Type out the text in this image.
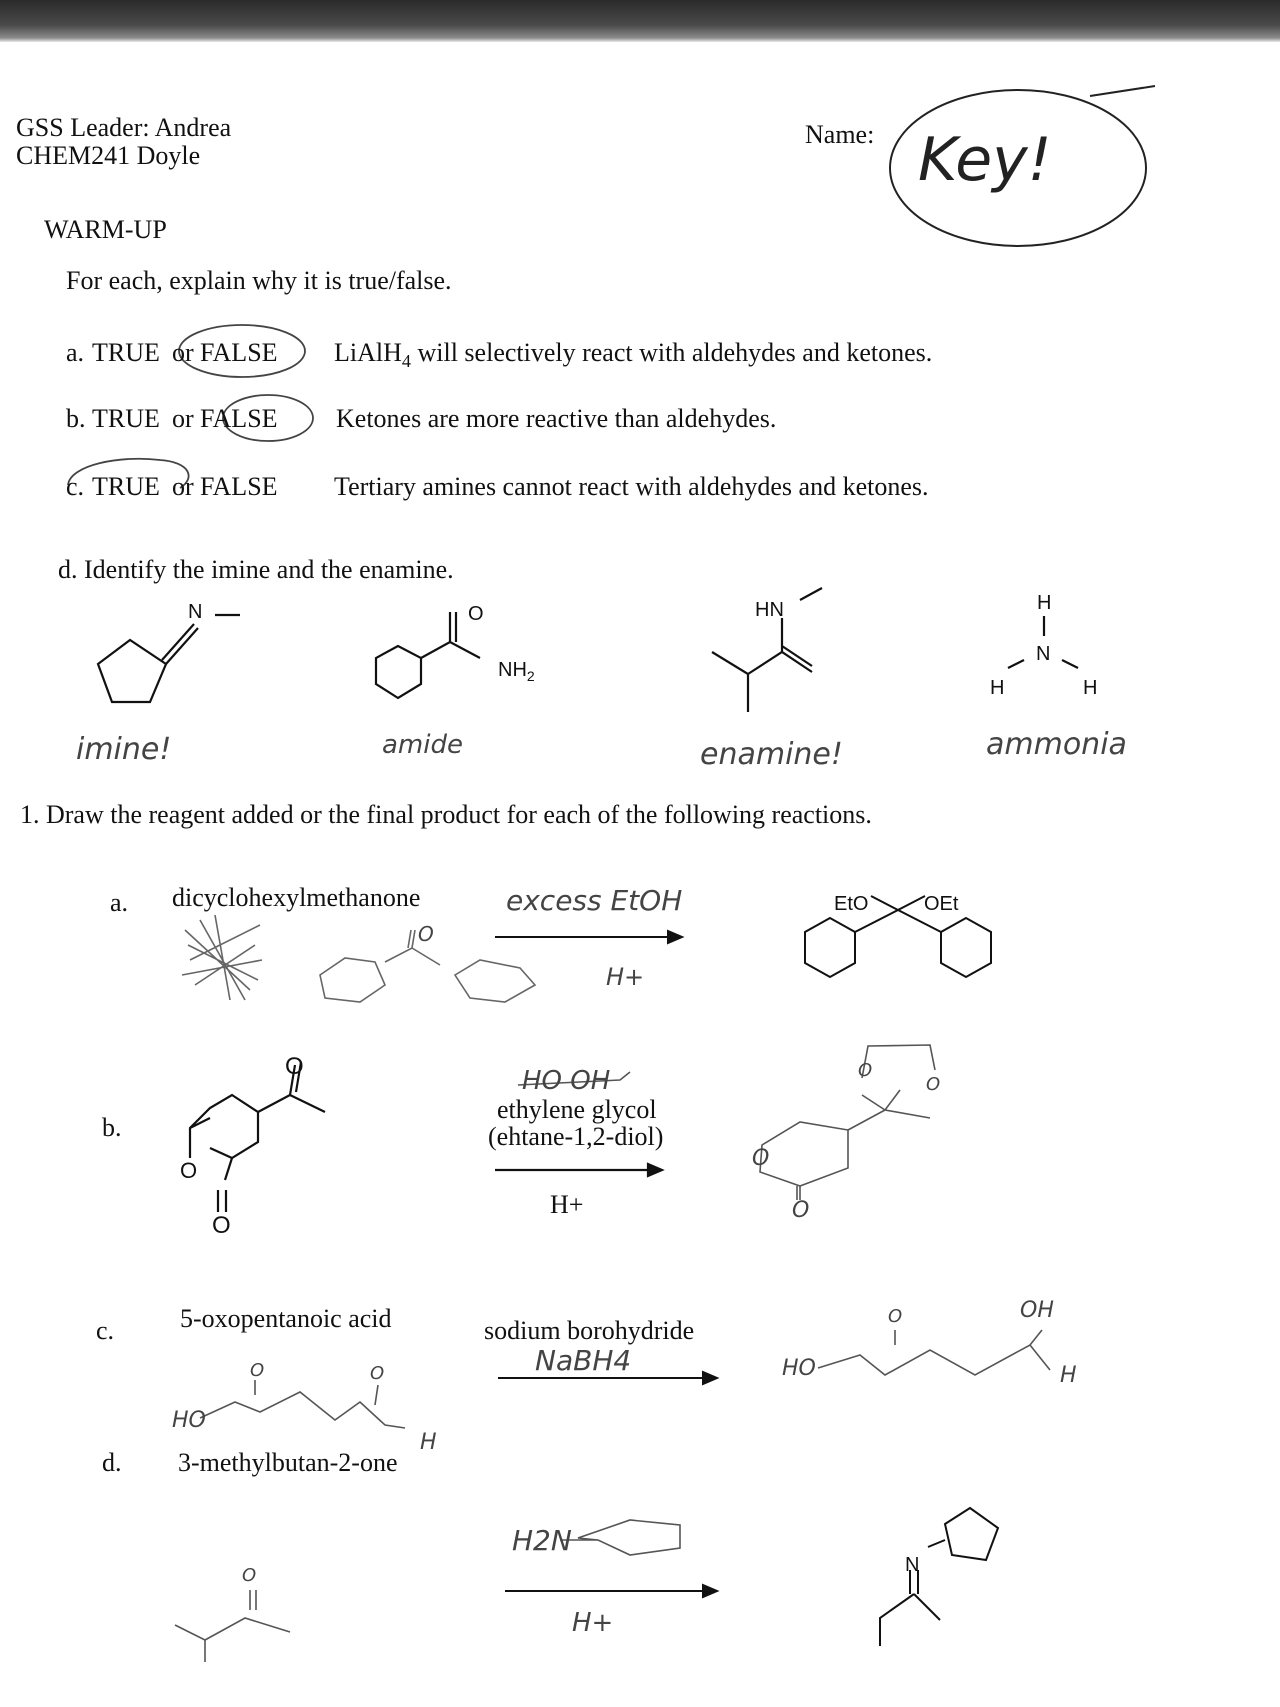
GSS Leader: Andrea
CHEM241 Doyle
Name: Key!
WARM-UP
For each, explain why it is true/false.
a. TRUE or FALSE LiAlH$_4$ will selectively react with aldehydes and ketones.
b. TRUE or FALSE Ketones are more reactive than aldehydes.
c. TRUE or FALSE Tertiary amines cannot react with aldehydes and ketones.
d. Identify the imine and the enamine.
N	O
$NH_2$
HN	H
N
H	H
imine!	amide	enamine!	ammonia
1. Draw the reagent added or the final product for each of the following reactions.
a. dicyclohexylmethanone	excess EtOH
H+
EtO	OEt
O
b.
O
O
O
HO OH
ethylene glycol
(ehtane-1,2-diol)
H+
O
O
O
O
c.	5-oxopentanoic acid
O	O
HO
H
sodium borohydride
NaBH4	HO
O	OH
H
d. 3-methylbutan-2-one
O
H2N
H+
N
